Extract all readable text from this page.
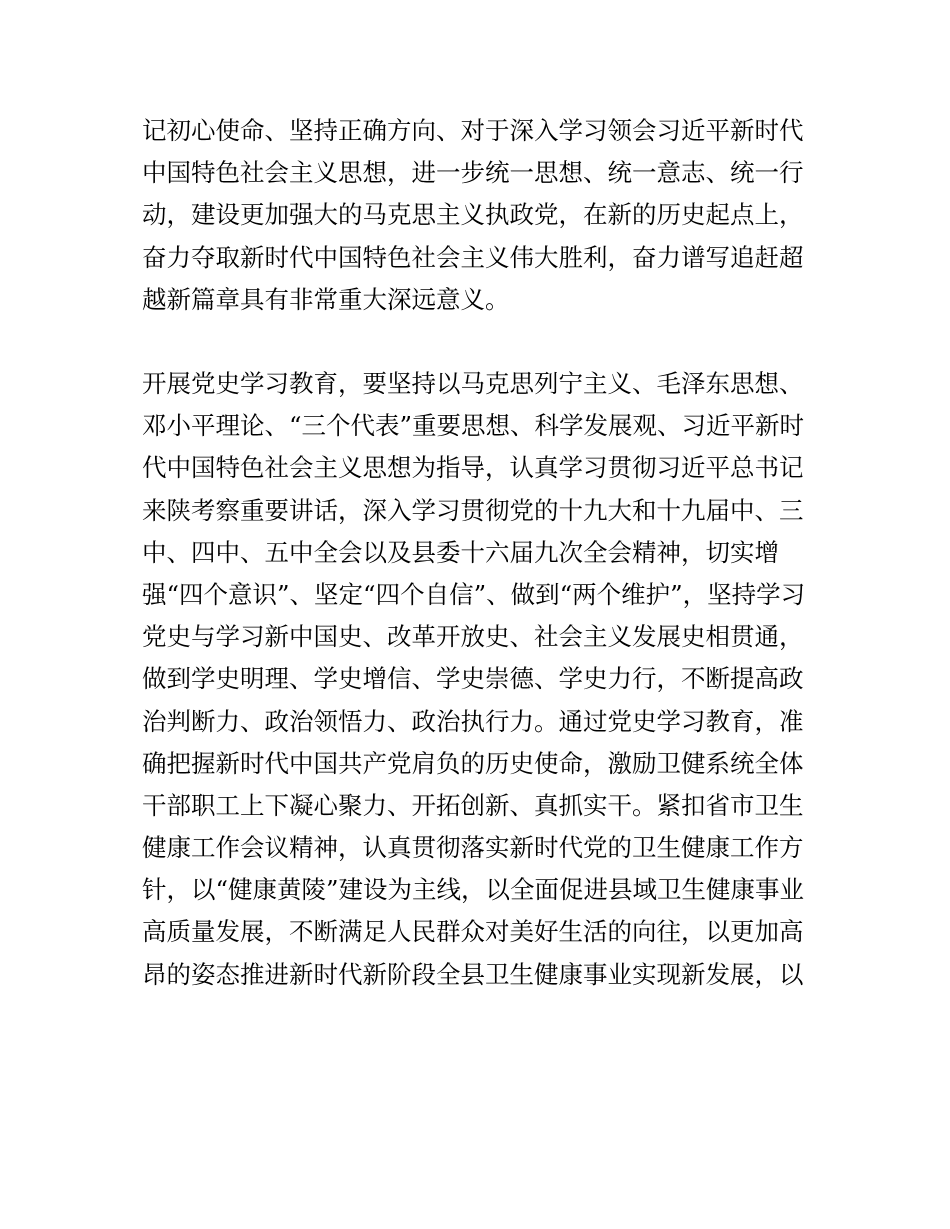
记初心使命、坚持正确方向、对于深入学习领会习近平新时代
中国特色社会主义思想，进一步统一思想、统一意志、统一行
动，建设更加强大的马克思主义执政党，在新的历史起点上，
奋力夺取新时代中国特色社会主义伟大胜利，奋力谱写追赶超
越新篇章具有非常重大深远意义。
开展党史学习教育，要坚持以马克思列宁主义、毛泽东思想、
邓小平理论、“三个代表”重要思想、科学发展观、习近平新时
代中国特色社会主义思想为指导，认真学习贯彻习近平总书记
来陕考察重要讲话，深入学习贯彻党的十九大和十九届中、三
中、四中、五中全会以及县委十六届九次全会精神，切实增
强“四个意识”、坚定“四个自信”、做到“两个维护”，坚持学习
党史与学习新中国史、改革开放史、社会主义发展史相贯通，
做到学史明理、学史增信、学史崇德、学史力行，不断提高政
治判断力、政治领悟力、政治执行力。通过党史学习教育，准
确把握新时代中国共产党肩负的历史使命，激励卫健系统全体
干部职工上下凝心聚力、开拓创新、真抓实干。紧扣省市卫生
健康工作会议精神，认真贯彻落实新时代党的卫生健康工作方
针，以“健康黄陵”建设为主线，以全面促进县域卫生健康事业
高质量发展，不断满足人民群众对美好生活的向往，以更加高
昂的姿态推进新时代新阶段全县卫生健康事业实现新发展，以
